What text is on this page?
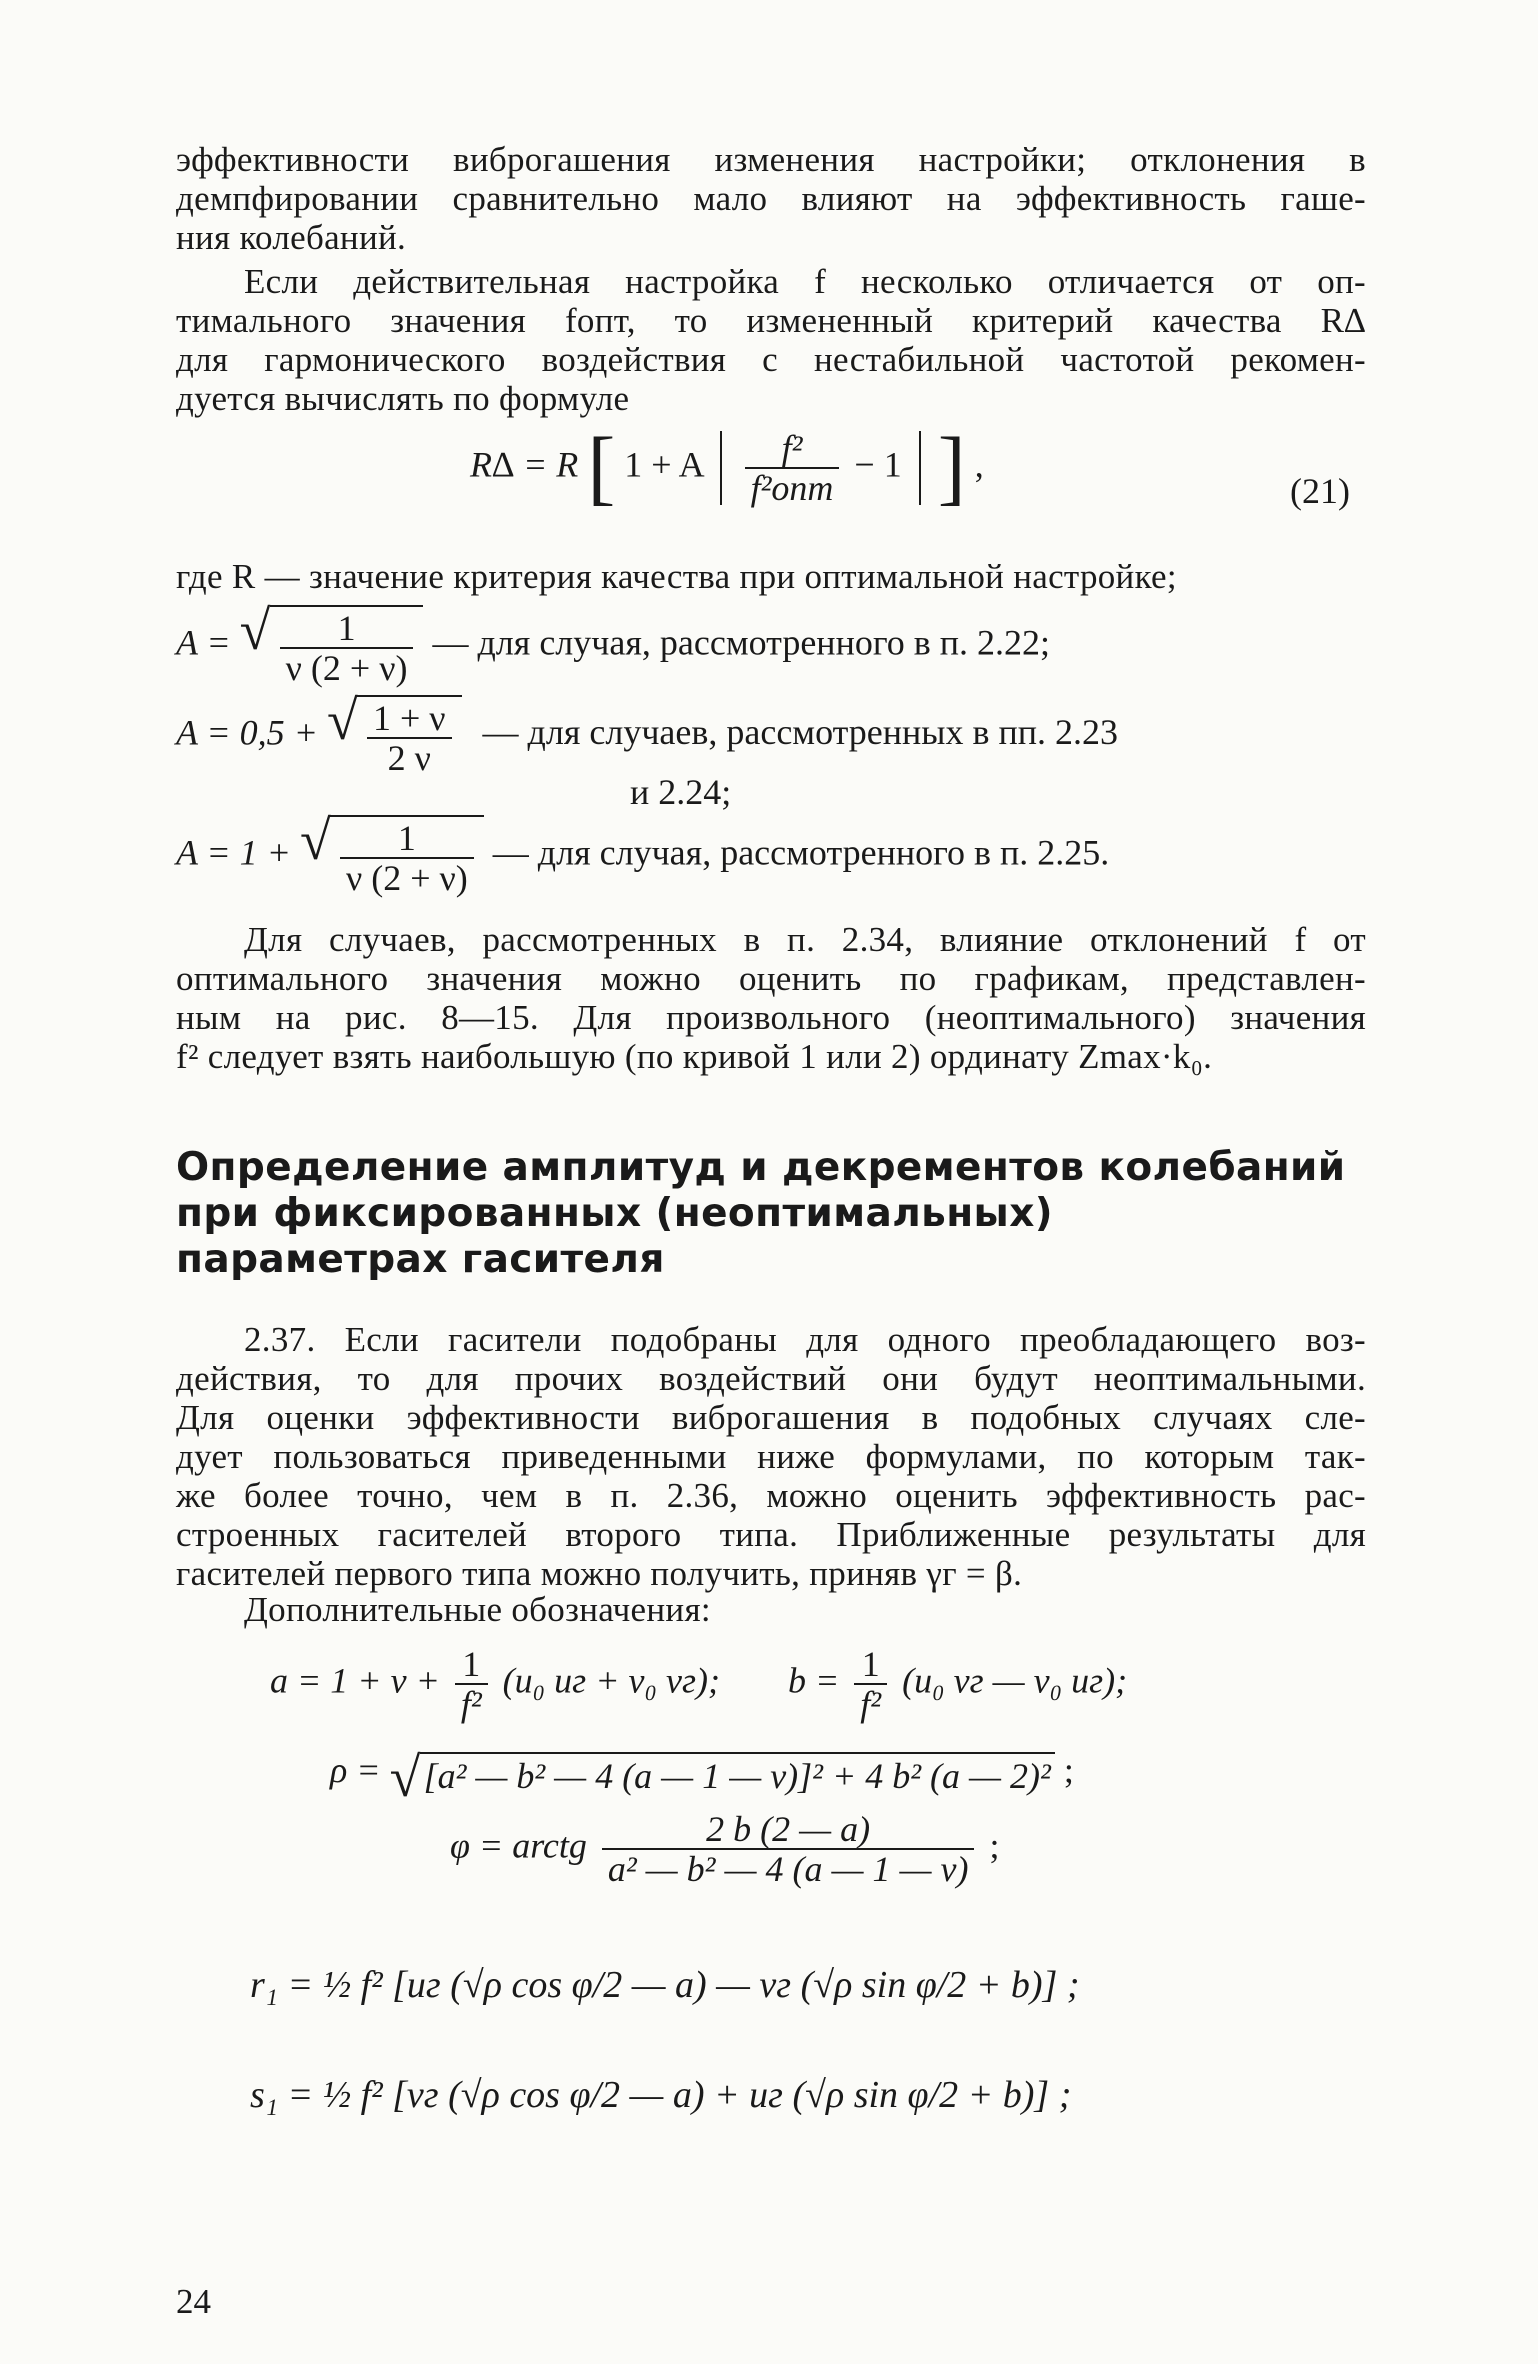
эффективности виброгашения изменения настройки; отклонения в
демпфировании сравнительно мало влияют на эффективность гаше-
ния колебаний.
Если действительная настройка f несколько отличается от оп-
тимального значения fопт, то измененный критерий качества R∆
для гармонического воздействия с нестабильной частотой рекомен-
дуется вычислять по формуле
R∆ = R [ 1 + A $\frac{\text{f²}}{\text{f²опт}} - 1$ ] ,
(21)
где R — значение критерия качества при оптимальной настройке;
A = √ $\frac{1}{\nu (2 + \nu)}$ — для случая, рассмотренного в п. 2.22;
A = 0,5 + √ $\frac{1 + \nu}{2 \nu}$ — для случаев, рассмотренных в пп. 2.23
и 2.24;
A = 1 + √ $\frac{1}{\nu (2 + \nu)}$ — для случая, рассмотренного в п. 2.25.
Для случаев, рассмотренных в п. 2.34, влияние отклонений f от
оптимального значения можно оценить по графикам, представлен-
ным на рис. 8—15. Для произвольного (неоптимального) значения
f² следует взять наибольшую (по кривой 1 или 2) ординату Zmax·k₀.
Определение амплитуд и декрементов колебаний
при фиксированных (неоптимальных)
параметрах гасителя
2.37. Если гасители подобраны для одного преобладающего воз-
действия, то для прочих воздействий они будут неоптимальными.
Для оценки эффективности виброгашения в подобных случаях сле-
дует пользоваться приведенными ниже формулами, по которым так-
же более точно, чем в п. 2.36, можно оценить эффективность рас-
строенных гасителей второго типа. Приближенные результаты для
гасителей первого типа можно получить, приняв γг = β.
Дополнительные обозначения:
$a = 1 + \nu + \frac{1}{\text{f²}} (u_0$ uг + v₀ vг); $b = \frac{1}{\text{f²}} (u_0$ vг — v₀ uг);
ρ = √ [a² — b² — 4 (a — 1 — ν)]² + 4 b² (a — 2)² ;
φ = arctg $\frac{2 b (2 — a)}{\text{a² — b² — 4 (a — 1 — ν)}}$ ;
r₁ = ½ f² [uг (√ρ cos φ/2 — a) — vг (√ρ sin φ/2 + b)] ;
s₁ = ½ f² [vг (√ρ cos φ/2 — a) + uг (√ρ sin φ/2 + b)] ;
24
